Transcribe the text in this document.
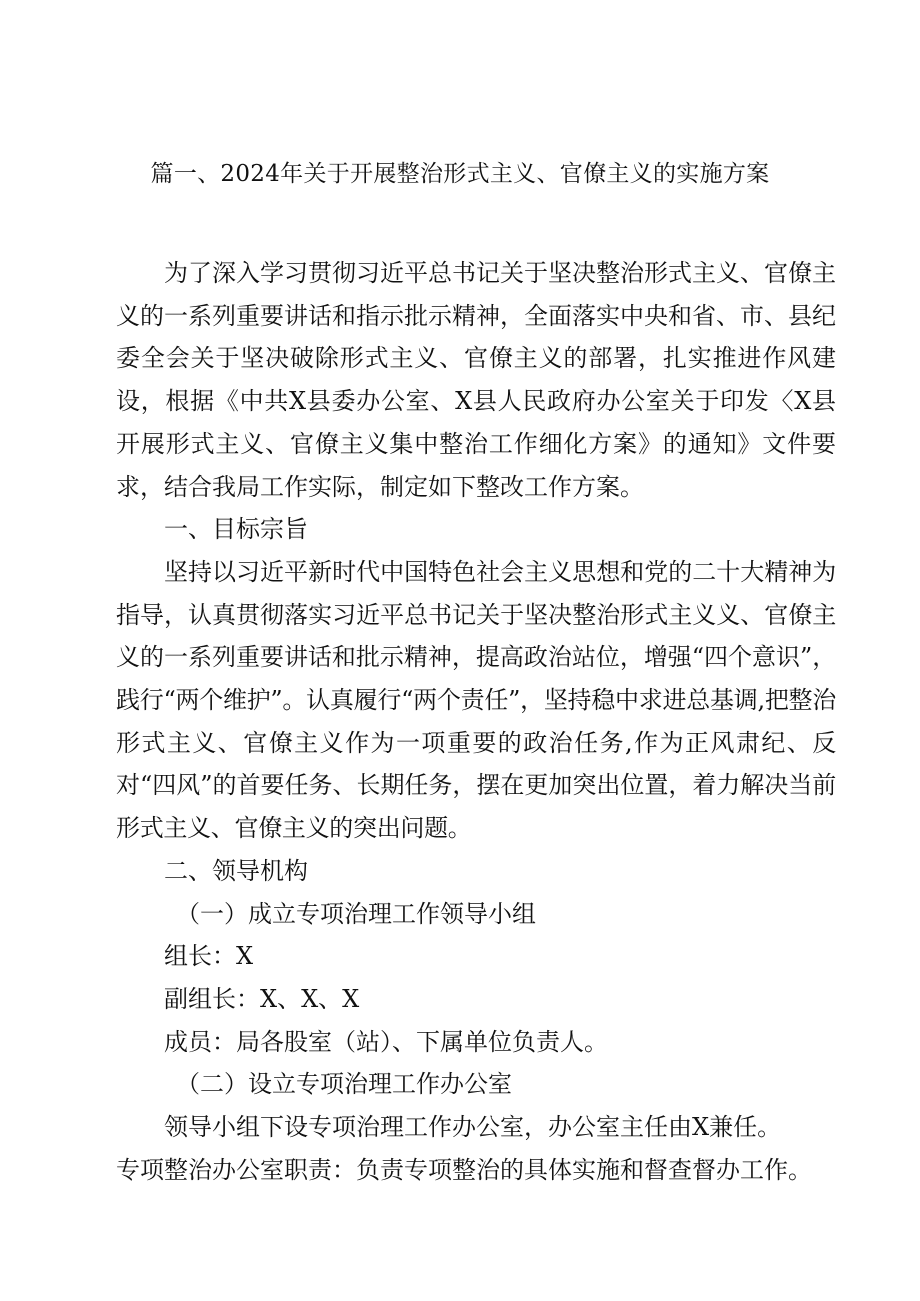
篇一、2024年关于开展整治形式主义、官僚主义的实施方案

为了深入学习贯彻习近平总书记关于坚决整治形式主义、官僚主义的一系列重要讲话和指示批示精神，全面落实中央和省、市、县纪委全会关于坚决破除形式主义、官僚主义的部署，扎实推进作风建设，根据《中共X县委办公室、X县人民政府办公室关于印发〈X县开展形式主义、官僚主义集中整治工作细化方案》的通知》文件要求，结合我局工作实际，制定如下整改工作方案。

一、目标宗旨

坚持以习近平新时代中国特色社会主义思想和党的二十大精神为指导，认真贯彻落实习近平总书记关于坚决整治形式主义义、官僚主义的一系列重要讲话和批示精神，提高政治站位，增强“四个意识”，践行“两个维护”。认真履行“两个责任”，坚持稳中求进总基调,把整治形式主义、官僚主义作为一项重要的政治任务,作为正风肃纪、反对“四风”的首要任务、长期任务，摆在更加突出位置，着力解决当前形式主义、官僚主义的突出问题。

二、领导机构

（一）成立专项治理工作领导小组

组长：X

副组长：X、X、X

成员：局各股室（站）、下属单位负责人。

（二）设立专项治理工作办公室

领导小组下设专项治理工作办公室，办公室主任由X兼任。

专项整治办公室职责：负责专项整治的具体实施和督查督办工作。
